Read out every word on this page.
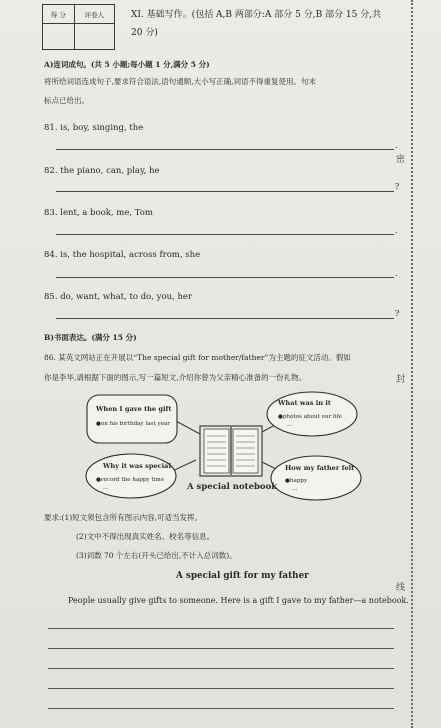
得 分	评卷人
		XI. 基础写作。(包括 A,B 两部分:A 部分 5 分,B 部分 15 分,共
20 分)
A)连词成句。(共 5 小题;每小题 1 分,满分 5 分)
将所给词语连成句子,要求符合语法,语句通顺,大小写正确,词语不得重复使用。句末
标点已给出。
81. is, boy, singing, the
.
82. the piano, can, play, he
?
83. lent, a book, me, Tom
.
84. is, the hospital, across from, she
.
85. do, want, what, to do, you, her
?
B)书面表达。(满分 15 分)
86. 某英文网站正在开展以“The special gift for mother/father”为主题的征文活动。假如
你是李华,请根据下面的图示,写一篇短文,介绍你曾为父亲精心准备的一份礼物。
When I gave the gift
●on his birthday last year
What was in it
●photos about our life
...
Why it was special
●record the happy time
...
How my father felt
●happy
...
A special notebook
要求:(1)短文须包含所有图示内容,可适当发挥。
(2)文中不得出现真实姓名、校名等信息。
(3)词数 70 个左右(开头已给出,不计入总词数)。
A special gift for my father
People usually give gifts to someone. Here is a gift I gave to my father—a notebook.
密
封
线
